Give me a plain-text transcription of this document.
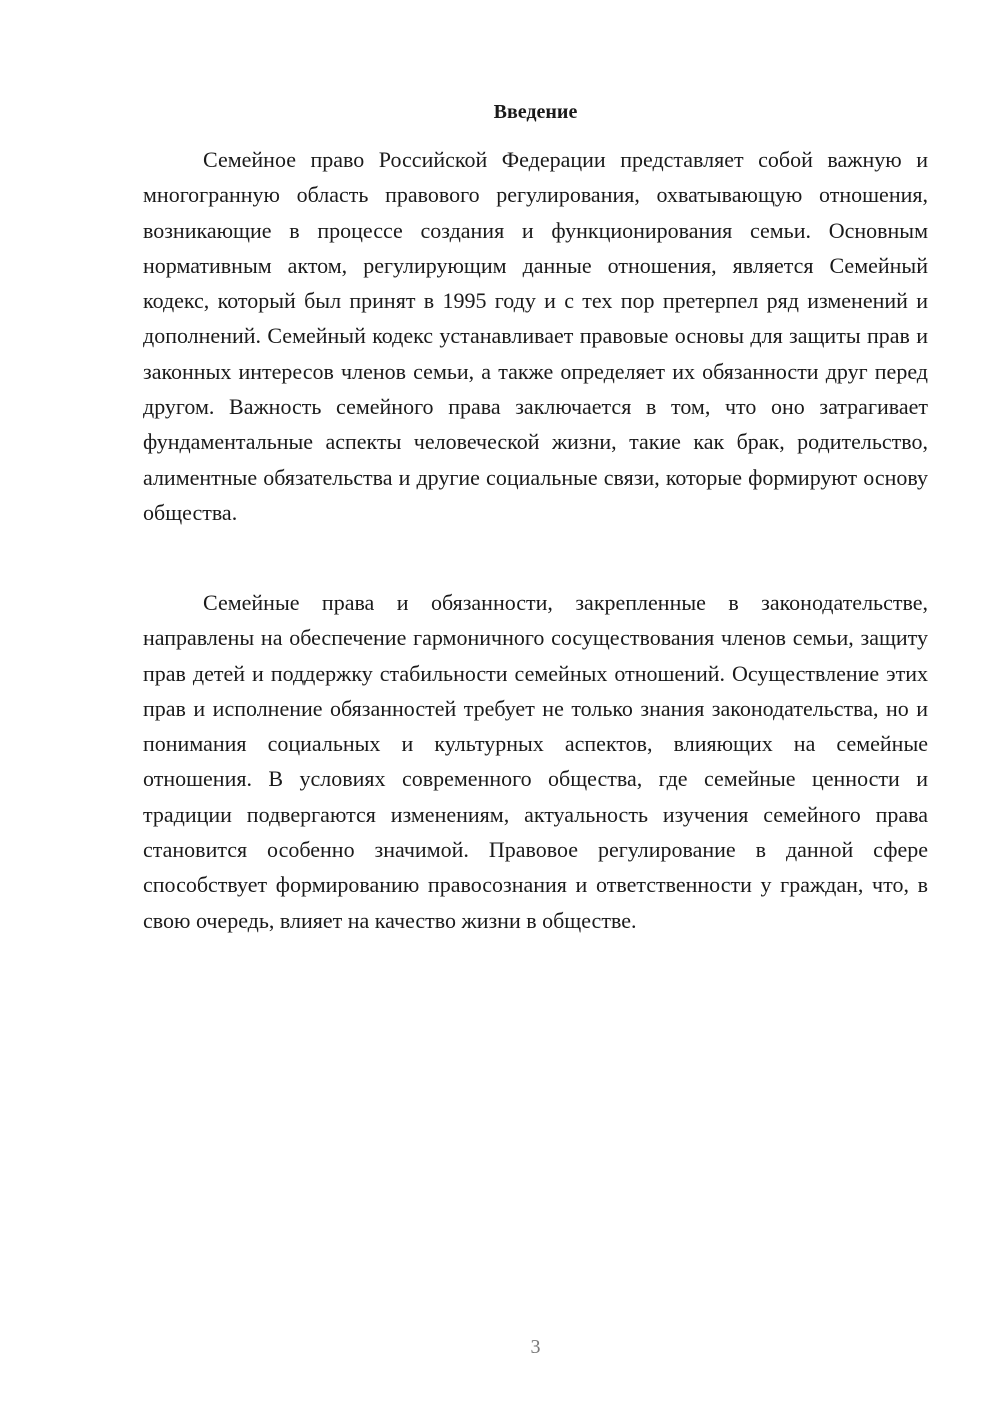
Введение

Семейное право Российской Федерации представляет собой важную и многогранную область правового регулирования, охватывающую отношения, возникающие в процессе создания и функционирования семьи. Основным нормативным актом, регулирующим данные отношения, является Семейный кодекс, который был принят в 1995 году и с тех пор претерпел ряд изменений и дополнений. Семейный кодекс устанавливает правовые основы для защиты прав и законных интересов членов семьи, а также определяет их обязанности друг перед другом. Важность семейного права заключается в том, что оно затрагивает фундаментальные аспекты человеческой жизни, такие как брак, родительство, алиментные обязательства и другие социальные связи, которые формируют основу общества.

Семейные права и обязанности, закрепленные в законодательстве, направлены на обеспечение гармоничного сосуществования членов семьи, защиту прав детей и поддержку стабильности семейных отношений. Осуществление этих прав и исполнение обязанностей требует не только знания законодательства, но и понимания социальных и культурных аспектов, влияющих на семейные отношения. В условиях современного общества, где семейные ценности и традиции подвергаются изменениям, актуальность изучения семейного права становится особенно значимой. Правовое регулирование в данной сфере способствует формированию правосознания и ответственности у граждан, что, в свою очередь, влияет на качество жизни в обществе.

3
